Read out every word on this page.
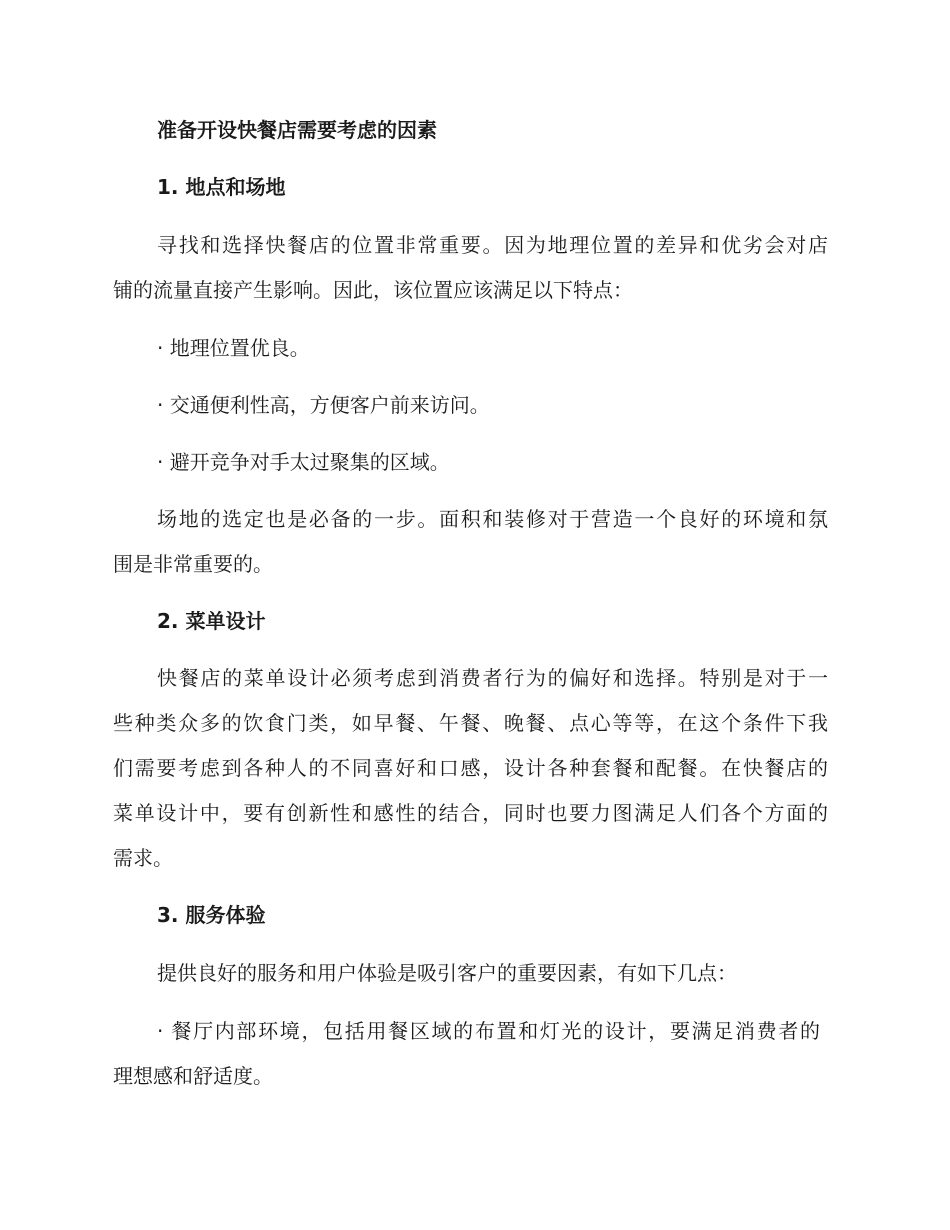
准备开设快餐店需要考虑的因素
1. 地点和场地
寻找和选择快餐店的位置非常重要。因为地理位置的差异和优劣会对店
铺的流量直接产生影响。因此，该位置应该满足以下特点：
· 地理位置优良。
· 交通便利性高，方便客户前来访问。
· 避开竞争对手太过聚集的区域。
场地的选定也是必备的一步。面积和装修对于营造一个良好的环境和氛
围是非常重要的。
2. 菜单设计
快餐店的菜单设计必须考虑到消费者行为的偏好和选择。特别是对于一
些种类众多的饮食门类，如早餐、午餐、晚餐、点心等等，在这个条件下我
们需要考虑到各种人的不同喜好和口感，设计各种套餐和配餐。在快餐店的
菜单设计中，要有创新性和感性的结合，同时也要力图满足人们各个方面的
需求。
3. 服务体验
提供良好的服务和用户体验是吸引客户的重要因素，有如下几点：
· 餐厅内部环境，包括用餐区域的布置和灯光的设计，要满足消费者的
理想感和舒适度。
